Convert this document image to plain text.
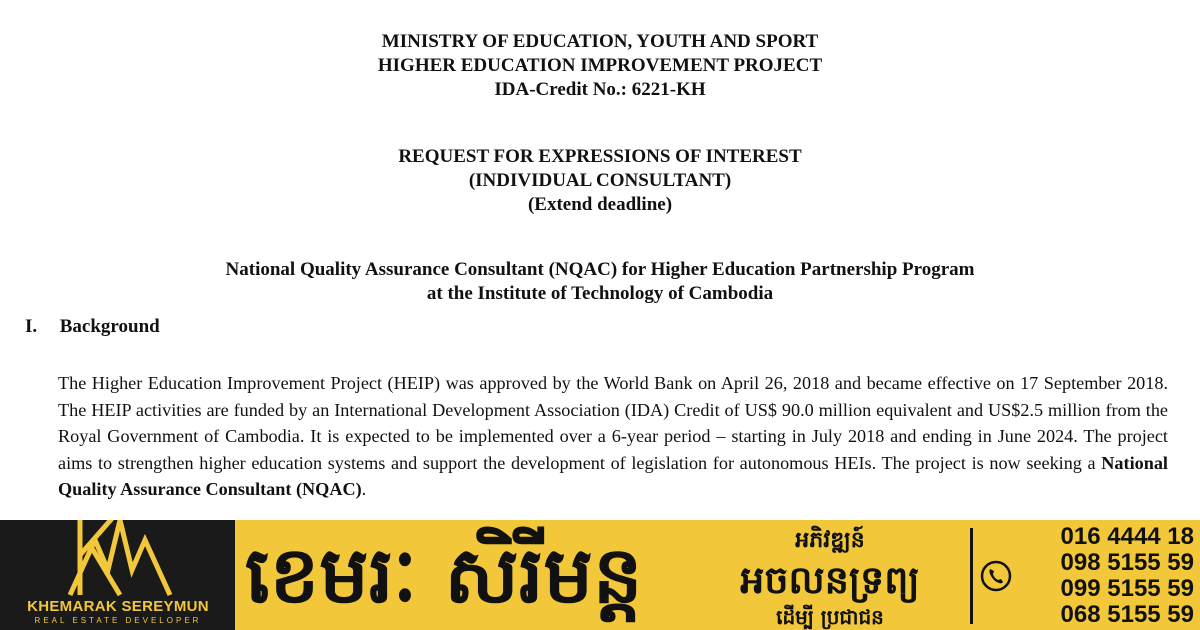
MINISTRY OF EDUCATION, YOUTH AND SPORT
HIGHER EDUCATION IMPROVEMENT PROJECT
IDA-Credit No.: 6221-KH
REQUEST FOR EXPRESSIONS OF INTEREST
(INDIVIDUAL CONSULTANT)
(Extend deadline)
National Quality Assurance Consultant (NQAC) for Higher Education Partnership Program
at the Institute of Technology of Cambodia
I. Background
The Higher Education Improvement Project (HEIP) was approved by the World Bank on April 26, 2018 and became effective on 17 September 2018. The HEIP activities are funded by an International Development Association (IDA) Credit of US$ 90.0 million equivalent and US$2.5 million from the Royal Government of Cambodia. It is expected to be implemented over a 6-year period – starting in July 2018 and ending in June 2024. The project aims to strengthen higher education systems and support the development of legislation for autonomous HEIs. The project is now seeking a National Quality Assurance Consultant (NQAC).
KHEMARAK SEREYMUN
REAL ESTATE DEVELOPER ខេមរៈ សិរីមន្ត	អភិវឌ្ឍន៍
អចលនទ្រព្យ
ដើម្បី ប្រជាជន
016 4444 18
098 5155 59
099 5155 59
068 5155 59
